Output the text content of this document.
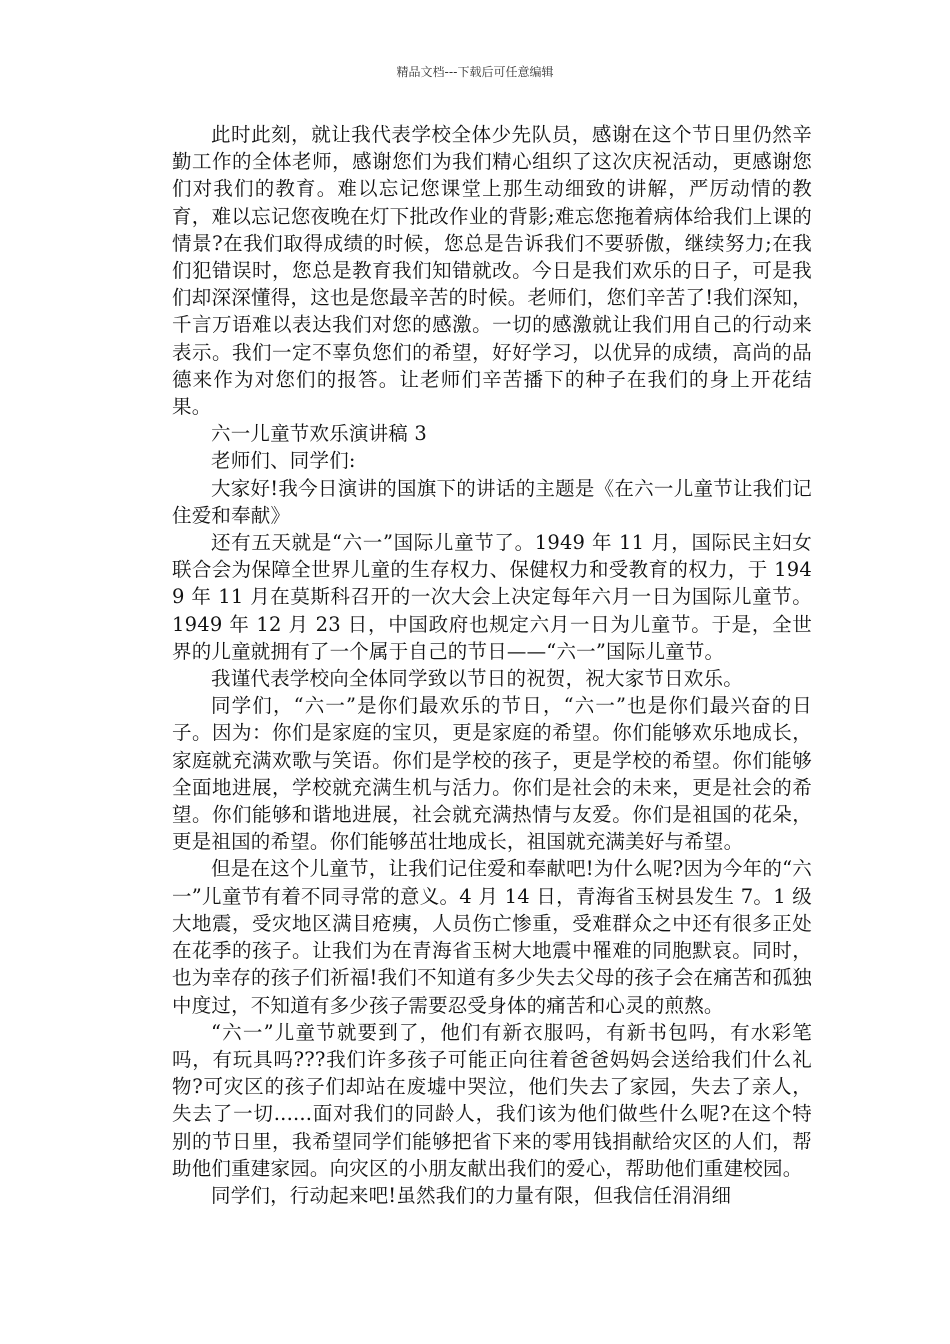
精品文档---下载后可任意编辑

此时此刻，就让我代表学校全体少先队员，感谢在这个节日里仍然辛勤工作的全体老师，感谢您们为我们精心组织了这次庆祝活动，更感谢您们对我们的教育。难以忘记您课堂上那生动细致的讲解，严厉动情的教育，难以忘记您夜晚在灯下批改作业的背影;难忘您拖着病体给我们上课的情景?在我们取得成绩的时候，您总是告诉我们不要骄傲，继续努力;在我们犯错误时，您总是教育我们知错就改。今日是我们欢乐的日子，可是我们却深深懂得，这也是您最辛苦的时候。老师们，您们辛苦了!我们深知，千言万语难以表达我们对您的感激。一切的感激就让我们用自己的行动来表示。我们一定不辜负您们的希望，好好学习，以优异的成绩，高尚的品德来作为对您们的报答。让老师们辛苦播下的种子在我们的身上开花结果。

六一儿童节欢乐演讲稿 3

老师们、同学们:

大家好!我今日演讲的国旗下的讲话的主题是《在六一儿童节让我们记住爱和奉献》

还有五天就是“六一”国际儿童节了。1949 年 11 月，国际民主妇女联合会为保障全世界儿童的生存权力、保健权力和受教育的权力，于 1949 年 11 月在莫斯科召开的一次大会上决定每年六月一日为国际儿童节。1949 年 12 月 23 日，中国政府也规定六月一日为儿童节。于是，全世界的儿童就拥有了一个属于自己的节日——“六一”国际儿童节。

我谨代表学校向全体同学致以节日的祝贺，祝大家节日欢乐。

同学们，“六一”是你们最欢乐的节日，“六一”也是你们最兴奋的日子。因为：你们是家庭的宝贝，更是家庭的希望。你们能够欢乐地成长，家庭就充满欢歌与笑语。你们是学校的孩子，更是学校的希望。你们能够全面地进展，学校就充满生机与活力。你们是社会的未来，更是社会的希望。你们能够和谐地进展，社会就充满热情与友爱。你们是祖国的花朵，更是祖国的希望。你们能够茁壮地成长，祖国就充满美好与希望。

但是在这个儿童节，让我们记住爱和奉献吧!为什么呢?因为今年的“六一”儿童节有着不同寻常的意义。4 月 14 日，青海省玉树县发生 7。1 级大地震，受灾地区满目疮痍，人员伤亡惨重，受难群众之中还有很多正处在花季的孩子。让我们为在青海省玉树大地震中罹难的同胞默哀。同时，也为幸存的孩子们祈福!我们不知道有多少失去父母的孩子会在痛苦和孤独中度过，不知道有多少孩子需要忍受身体的痛苦和心灵的煎熬。

“六一”儿童节就要到了，他们有新衣服吗，有新书包吗，有水彩笔吗，有玩具吗???我们许多孩子可能正向往着爸爸妈妈会送给我们什么礼物?可灾区的孩子们却站在废墟中哭泣，他们失去了家园，失去了亲人，失去了一切......面对我们的同龄人，我们该为他们做些什么呢?在这个特别的节日里，我希望同学们能够把省下来的零用钱捐献给灾区的人们，帮助他们重建家园。向灾区的小朋友献出我们的爱心，帮助他们重建校园。

同学们，行动起来吧!虽然我们的力量有限，但我信任涓涓细
